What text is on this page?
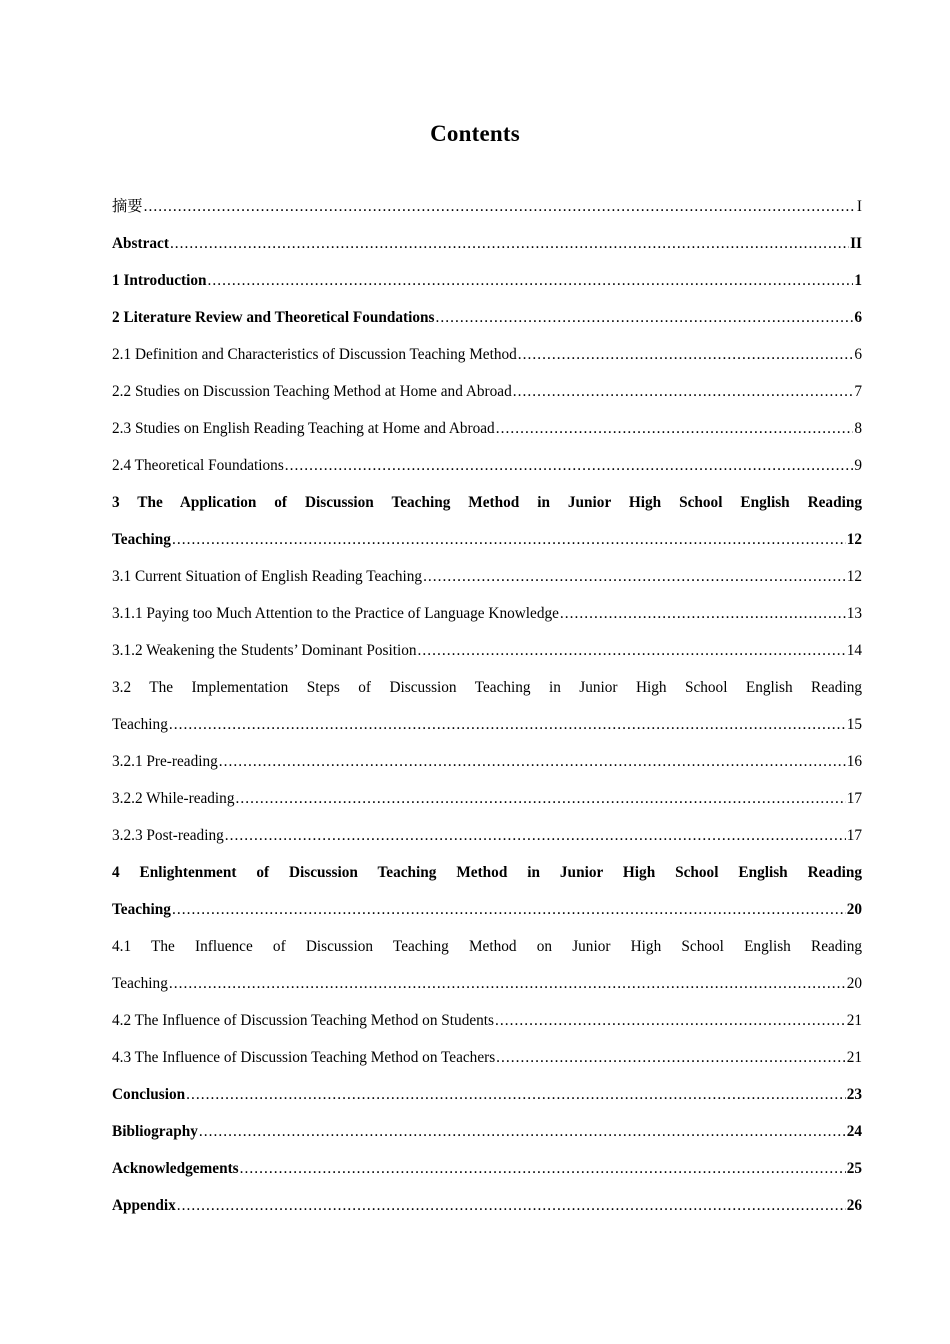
Contents
摘要 .....	I
Abstract .....	II
1 Introduction .....	1
2 Literature Review and Theoretical Foundations .....	6
2.1 Definition and Characteristics of Discussion Teaching Method .....	6
2.2 Studies on Discussion Teaching Method at Home and Abroad .....	7
2.3 Studies on English Reading Teaching at Home and Abroad .....	8
2.4 Theoretical Foundations .....	9
3 The Application of Discussion Teaching Method in Junior High School English Reading
Teaching .....	12
3.1 Current Situation of English Reading Teaching .....	12
3.1.1 Paying too Much Attention to the Practice of Language Knowledge .....	13
3.1.2 Weakening the Students’ Dominant Position .....	14
3.2 The Implementation Steps of Discussion Teaching in Junior High School English Reading
Teaching .....	15
3.2.1 Pre-reading .....	16
3.2.2 While-reading .....	17
3.2.3 Post-reading .....	17
4 Enlightenment of Discussion Teaching Method in Junior High School English Reading
Teaching .....	20
4.1 The Influence of Discussion Teaching Method on Junior High School English Reading
Teaching .....	20
4.2 The Influence of Discussion Teaching Method on Students .....	21
4.3 The Influence of Discussion Teaching Method on Teachers .....	21
Conclusion .....	23
Bibliography .....	24
Acknowledgements .....	25
Appendix .....	26
